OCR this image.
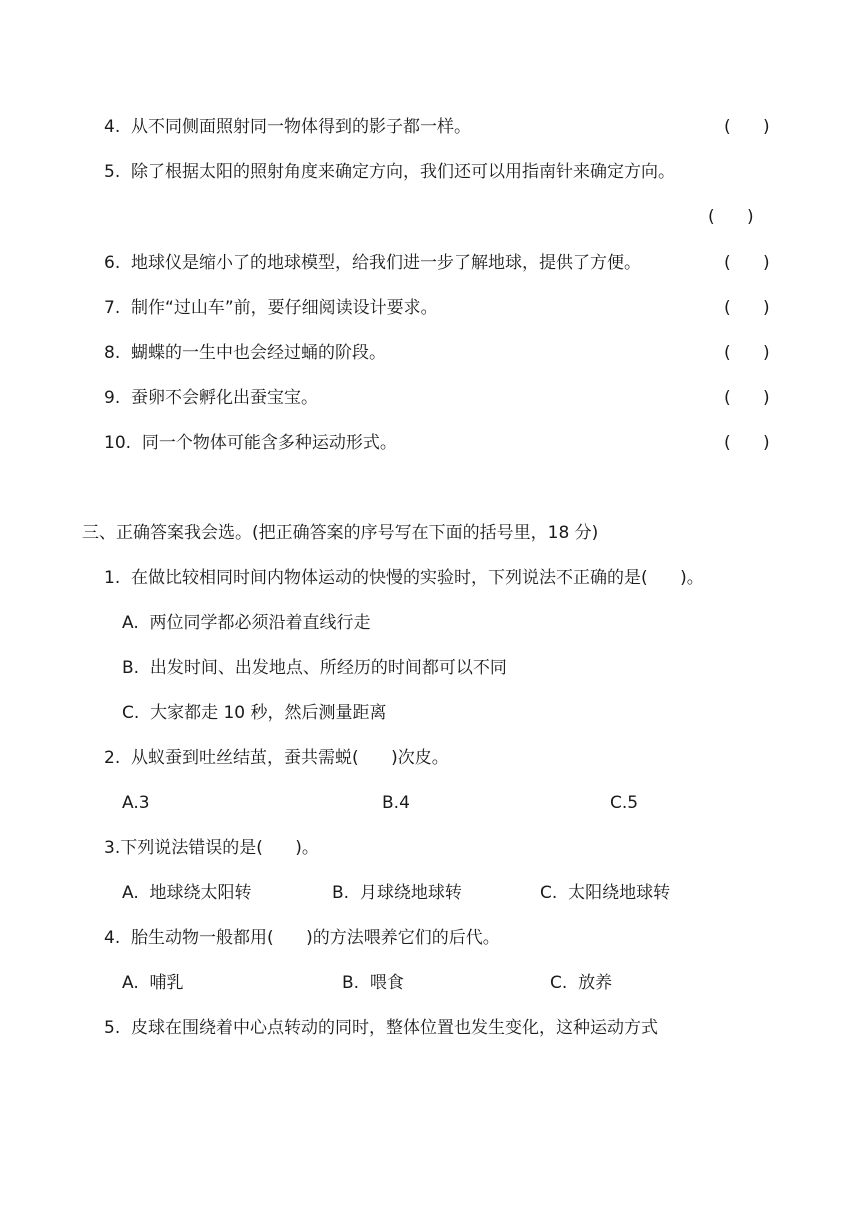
4.  从不同侧面照射同一物体得到的影子都一样。	(      )
5.  除了根据太阳的照射角度来确定方向，我们还可以用指南针来确定方向。
(      )
6.  地球仪是缩小了的地球模型，给我们进一步了解地球，提供了方便。	(      )
7.  制作“过山车”前，要仔细阅读设计要求。	(      )
8.  蝴蝶的一生中也会经过蛹的阶段。	(      )
9.  蚕卵不会孵化出蚕宝宝。	(      )
10.  同一个物体可能含多种运动形式。	(      )
三、正确答案我会选。(把正确答案的序号写在下面的括号里，18 分)
1.  在做比较相同时间内物体运动的快慢的实验时，下列说法不正确的是(      )。
A.  两位同学都必须沿着直线行走
B.  出发时间、出发地点、所经历的时间都可以不同
C.  大家都走 10 秒，然后测量距离
2.  从蚁蚕到吐丝结茧，蚕共需蜕(      )次皮。
A.3	B.4	C.5
3.下列说法错误的是(      )。
A.  地球绕太阳转	B.  月球绕地球转	C.  太阳绕地球转
4.  胎生动物一般都用(      )的方法喂养它们的后代。
A.  哺乳	B.  喂食	C.  放养
5.  皮球在围绕着中心点转动的同时，整体位置也发生变化，这种运动方式
